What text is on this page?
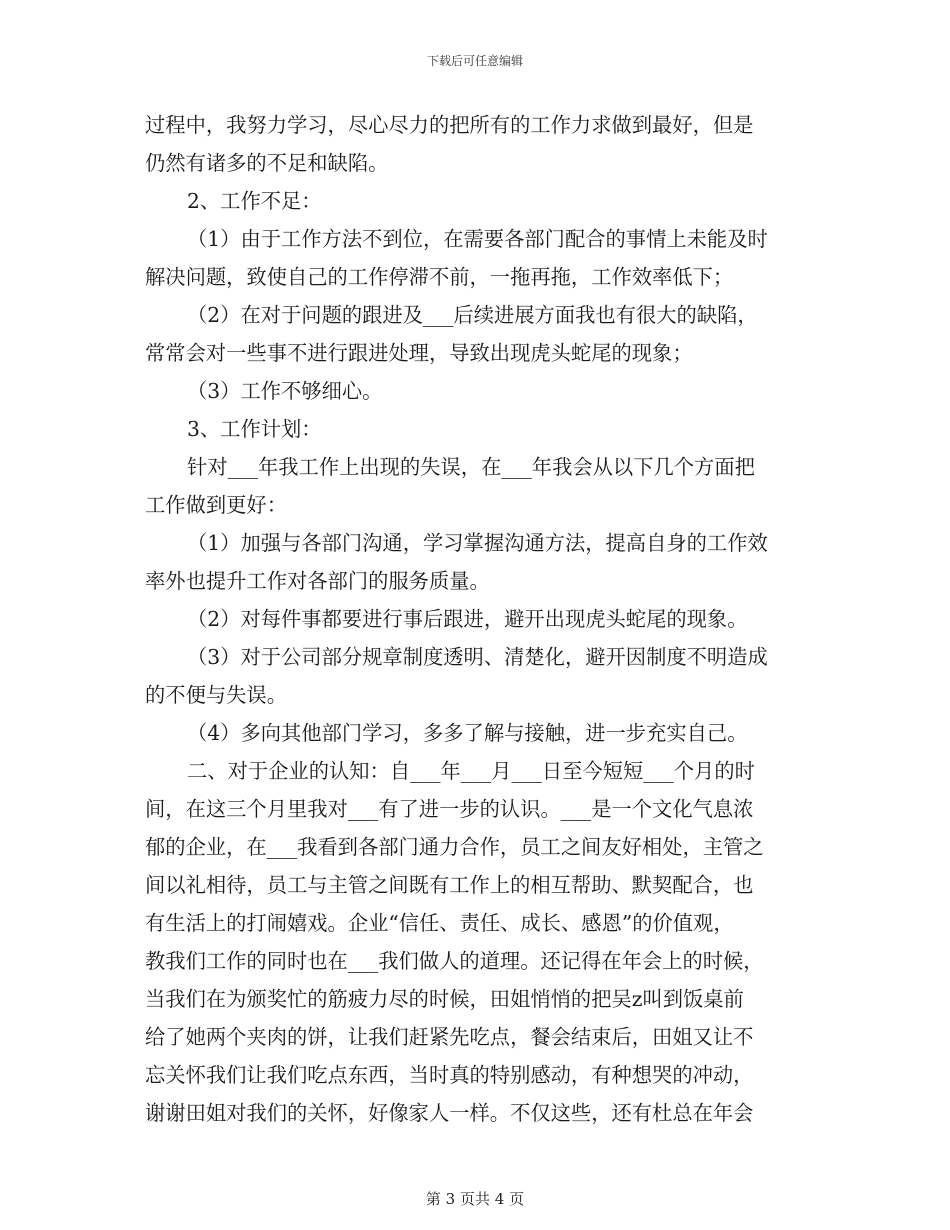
下载后可任意编辑
过程中，我努力学习，尽心尽力的把所有的工作力求做到最好，但是
仍然有诸多的不足和缺陷。
2、工作不足：
（1）由于工作方法不到位，在需要各部门配合的事情上未能及时
解决问题，致使自己的工作停滞不前，一拖再拖，工作效率低下；
（2）在对于问题的跟进及___后续进展方面我也有很大的缺陷，
常常会对一些事不进行跟进处理，导致出现虎头蛇尾的现象；
（3）工作不够细心。
3、工作计划：
针对___年我工作上出现的失误，在___年我会从以下几个方面把
工作做到更好：
（1）加强与各部门沟通，学习掌握沟通方法，提高自身的工作效
率外也提升工作对各部门的服务质量。
（2）对每件事都要进行事后跟进，避开出现虎头蛇尾的现象。
（3）对于公司部分规章制度透明、清楚化，避开因制度不明造成
的不便与失误。
（4）多向其他部门学习，多多了解与接触，进一步充实自己。
二、对于企业的认知：自___年___月___日至今短短___个月的时
间，在这三个月里我对___有了进一步的认识。___是一个文化气息浓
郁的企业，在___我看到各部门通力合作，员工之间友好相处，主管之
间以礼相待，员工与主管之间既有工作上的相互帮助、默契配合，也
有生活上的打闹嬉戏。企业“信任、责任、成长、感恩”的价值观，
教我们工作的同时也在___我们做人的道理。还记得在年会上的时候，
当我们在为颁奖忙的筋疲力尽的时候，田姐悄悄的把吴z叫到饭桌前
给了她两个夹肉的饼，让我们赶紧先吃点，餐会结束后，田姐又让不
忘关怀我们让我们吃点东西，当时真的特别感动，有种想哭的冲动，
谢谢田姐对我们的关怀，好像家人一样。不仅这些，还有杜总在年会
第 3 页共 4 页
